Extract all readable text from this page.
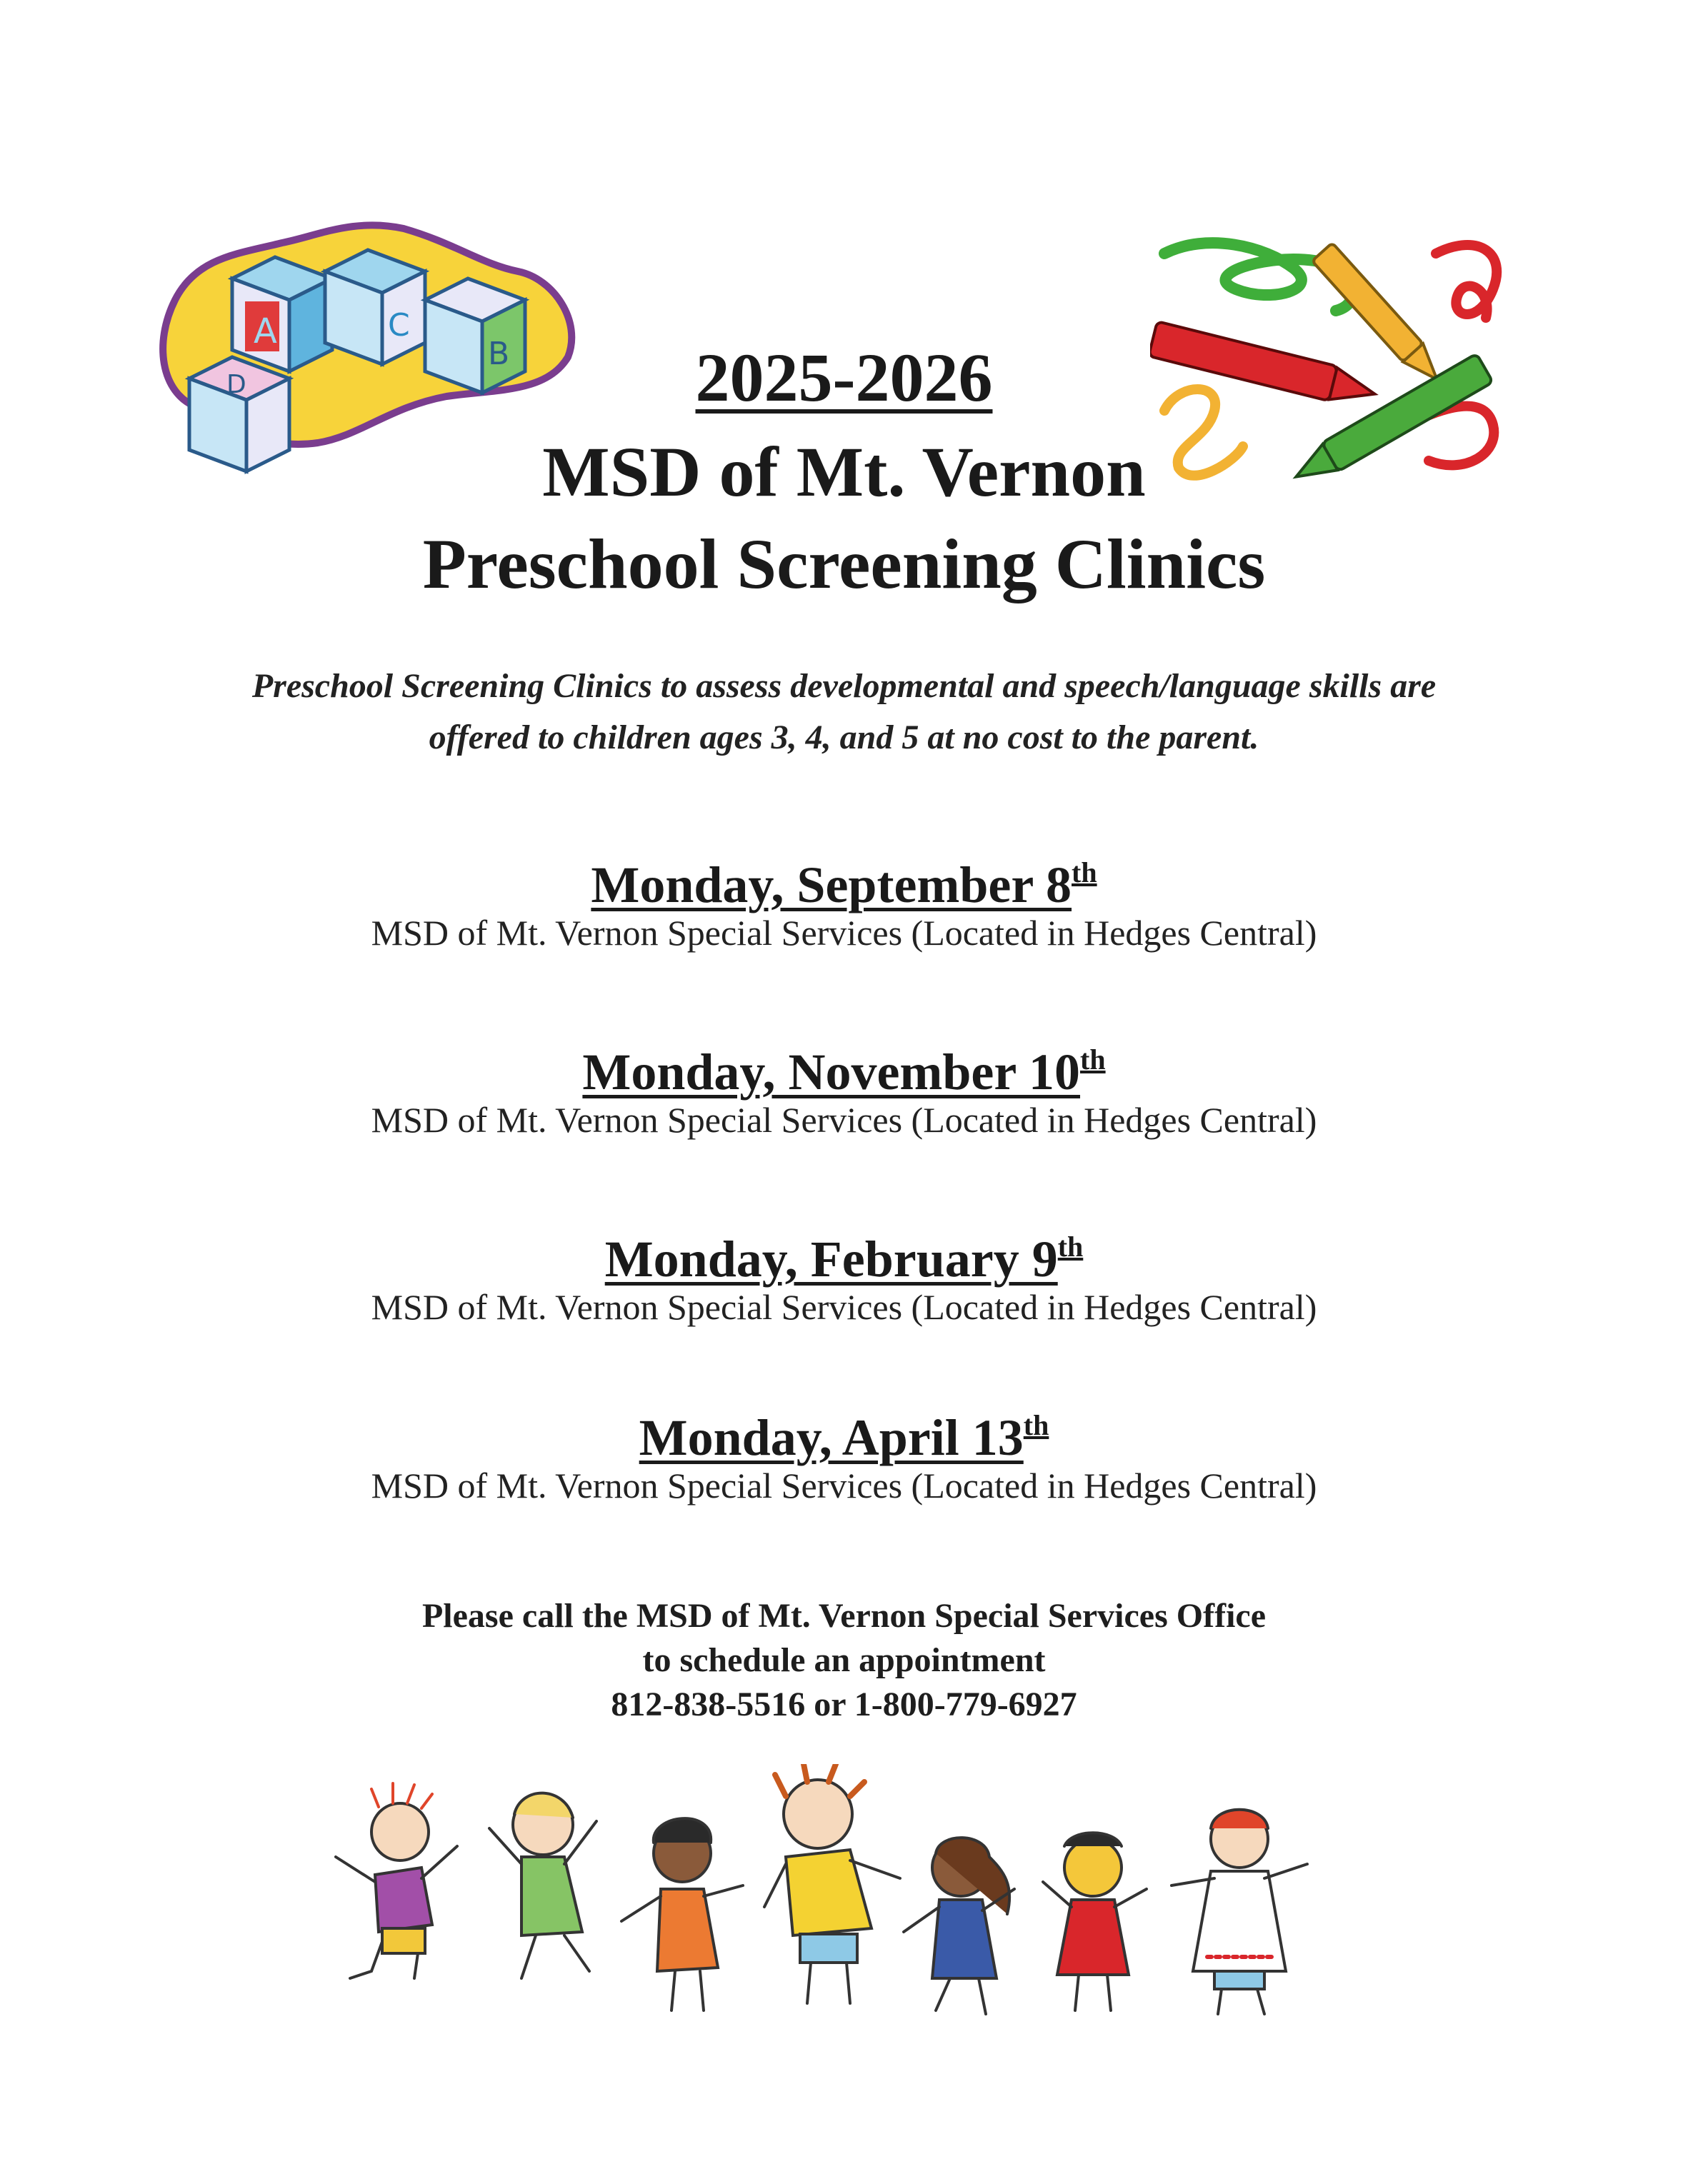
A	C
B
D	2025-2026
MSD of Mt. Vernon
Preschool Screening Clinics
Preschool Screening Clinics to assess developmental and speech/language skills are
offered to children ages 3, 4, and 5 at no cost to the parent.
Monday, September 8th
MSD of Mt. Vernon Special Services (Located in Hedges Central)
Monday, November 10th
MSD of Mt. Vernon Special Services (Located in Hedges Central)
Monday, February 9th
MSD of Mt. Vernon Special Services (Located in Hedges Central)
Monday, April 13th
MSD of Mt. Vernon Special Services (Located in Hedges Central)
Please call the MSD of Mt. Vernon Special Services Office
to schedule an appointment
812-838-5516 or 1-800-779-6927
